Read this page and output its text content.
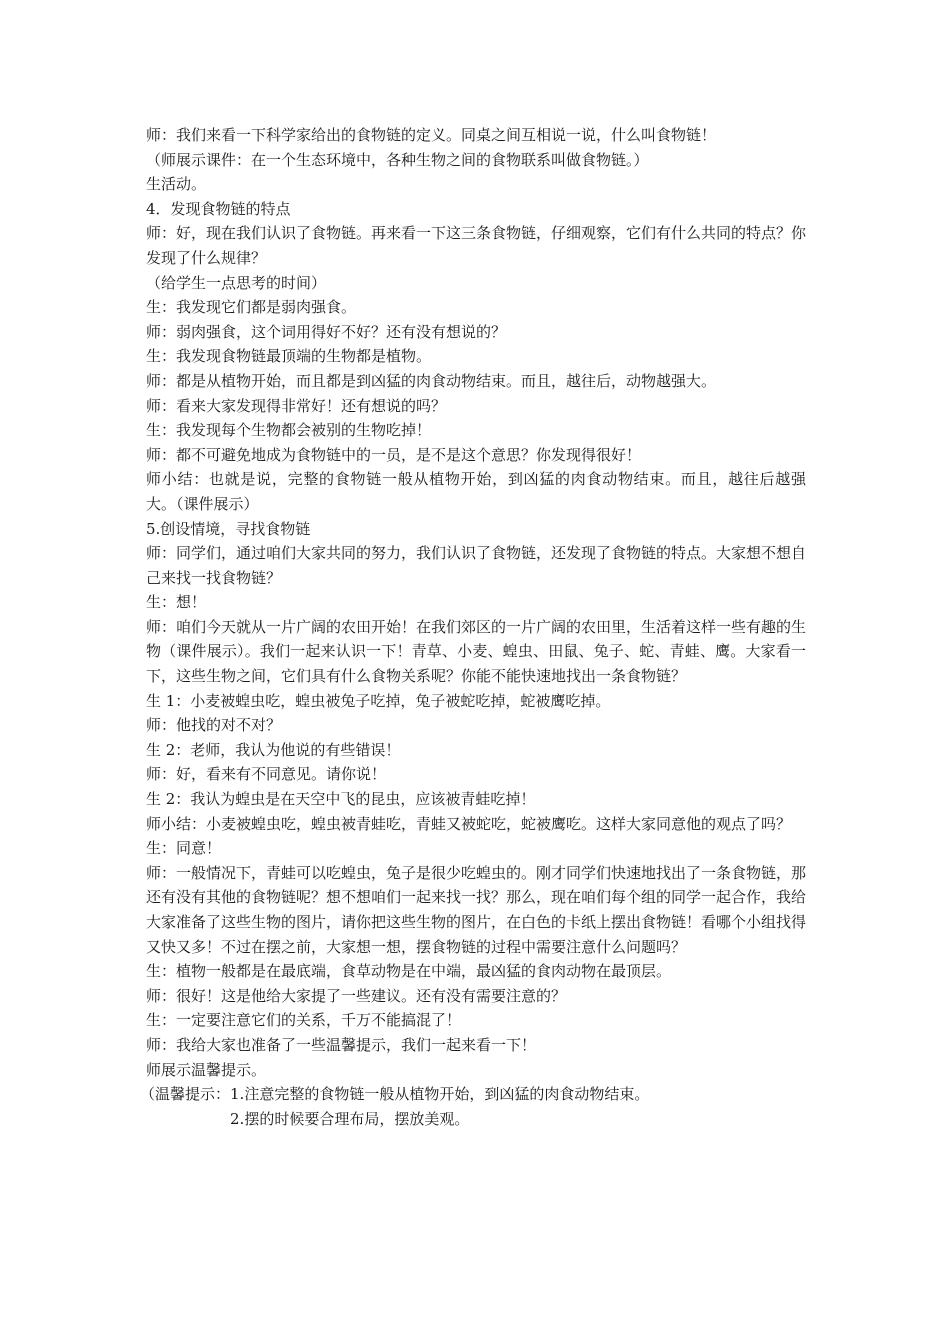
师：我们来看一下科学家给出的食物链的定义。同桌之间互相说一说，什么叫食物链！

（师展示课件：在一个生态环境中，各种生物之间的食物联系叫做食物链。）

生活动。

4．发现食物链的特点

师：好，现在我们认识了食物链。再来看一下这三条食物链，仔细观察，它们有什么共同的特点？你发现了什么规律？

（给学生一点思考的时间）

生：我发现它们都是弱肉强食。

师：弱肉强食，这个词用得好不好？还有没有想说的？

生：我发现食物链最顶端的生物都是植物。

师：都是从植物开始，而且都是到凶猛的肉食动物结束。而且，越往后，动物越强大。

师：看来大家发现得非常好！还有想说的吗？

生：我发现每个生物都会被别的生物吃掉！

师：都不可避免地成为食物链中的一员，是不是这个意思？你发现得很好！

师小结：也就是说，完整的食物链一般从植物开始，到凶猛的肉食动物结束。而且，越往后越强大。（课件展示）

5.创设情境，寻找食物链

师：同学们，通过咱们大家共同的努力，我们认识了食物链，还发现了食物链的特点。大家想不想自己来找一找食物链？

生：想！

师：咱们今天就从一片广阔的农田开始！在我们郊区的一片广阔的农田里，生活着这样一些有趣的生物（课件展示）。我们一起来认识一下！青草、小麦、蝗虫、田鼠、兔子、蛇、青蛙、鹰。大家看一下，这些生物之间，它们具有什么食物关系呢？你能不能快速地找出一条食物链？

生 1：小麦被蝗虫吃，蝗虫被兔子吃掉，兔子被蛇吃掉，蛇被鹰吃掉。

师：他找的对不对？

生 2：老师，我认为他说的有些错误！

师：好，看来有不同意见。请你说！

生 2：我认为蝗虫是在天空中飞的昆虫，应该被青蛙吃掉！

师小结：小麦被蝗虫吃，蝗虫被青蛙吃，青蛙又被蛇吃，蛇被鹰吃。这样大家同意他的观点了吗？

生：同意！

师：一般情况下，青蛙可以吃蝗虫，兔子是很少吃蝗虫的。刚才同学们快速地找出了一条食物链，那还有没有其他的食物链呢？想不想咱们一起来找一找？那么，现在咱们每个组的同学一起合作，我给大家准备了这些生物的图片，请你把这些生物的图片，在白色的卡纸上摆出食物链！看哪个小组找得又快又多！不过在摆之前，大家想一想，摆食物链的过程中需要注意什么问题吗？

生：植物一般都是在最底端，食草动物是在中端，最凶猛的食肉动物在最顶层。

师：很好！这是他给大家提了一些建议。还有没有需要注意的？

生：一定要注意它们的关系，千万不能搞混了！

师：我给大家也准备了一些温馨提示，我们一起来看一下！

师展示温馨提示。

（温馨提示： 1.注意完整的食物链一般从植物开始，到凶猛的肉食动物结束。
2.摆的时候要合理布局，摆放美观。
